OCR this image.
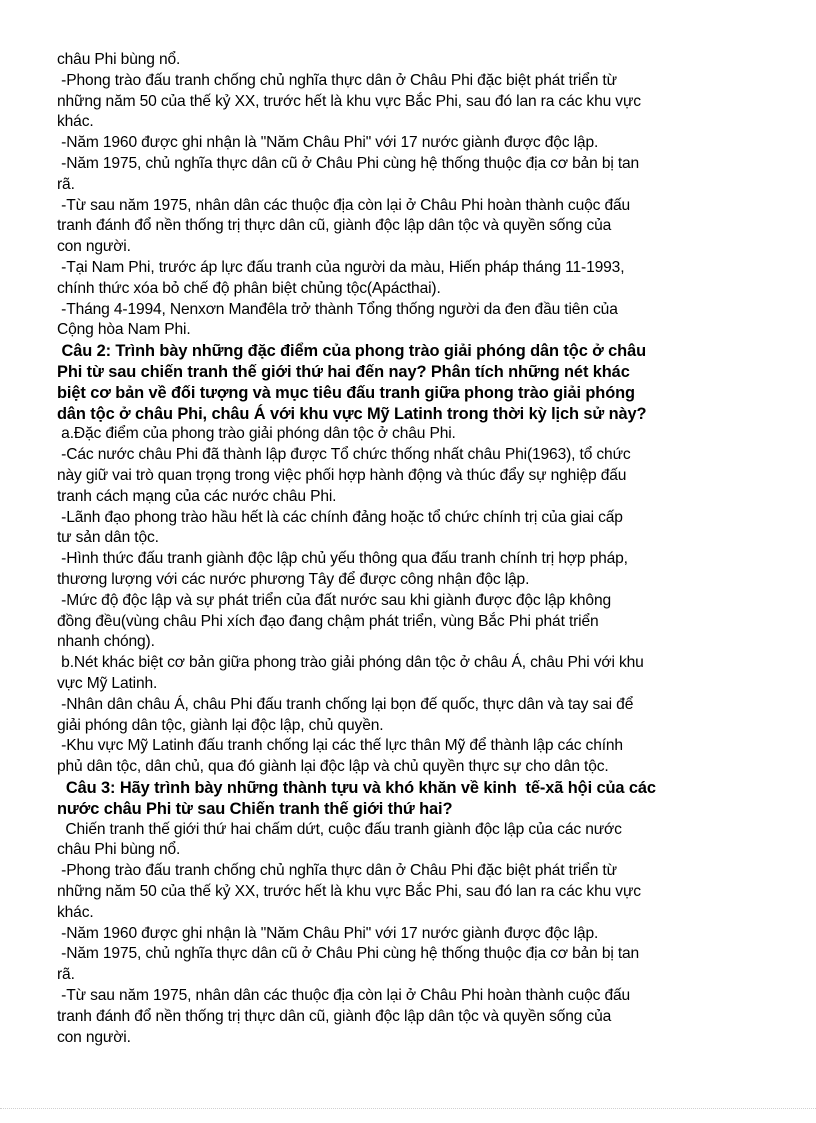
châu Phi bùng nổ.
-Phong trào đấu tranh chống chủ nghĩa thực dân ở Châu Phi đặc biệt phát triển từ
những năm 50 của thế kỷ XX, trước hết là khu vực Bắc Phi, sau đó lan ra các khu vực
khác.
-Năm 1960 được ghi nhận là "Năm Châu Phi" với 17 nước giành được độc lập.
-Năm 1975, chủ nghĩa thực dân cũ ở Châu Phi cùng hệ thống thuộc địa cơ bản bị tan
rã.
-Từ sau năm 1975, nhân dân các thuộc địa còn lại ở Châu Phi hoàn thành cuộc đấu
tranh đánh đổ nền thống trị thực dân cũ, giành độc lập dân tộc và quyền sống của
con người.
-Tại Nam Phi, trước áp lực đấu tranh của người da màu, Hiến pháp tháng 11-1993,
chính thức xóa bỏ chế độ phân biệt chủng tộc(Apácthai).
-Tháng 4-1994, Nenxơn Manđêla trở thành Tổng thống người da đen đầu tiên của
Cộng hòa Nam Phi.
Câu 2: Trình bày những đặc điểm của phong trào giải phóng dân tộc ở châu
Phi từ sau chiến tranh thế giới thứ hai đến nay? Phân tích những nét khác
biệt cơ bản về đối tượng và mục tiêu đấu tranh giữa phong trào giải phóng
dân tộc ở châu Phi, châu Á với khu vực Mỹ Latinh trong thời kỳ lịch sử này?
a.Đặc điểm của phong trào giải phóng dân tộc ở châu Phi.
-Các nước châu Phi đã thành lập được Tổ chức thống nhất châu Phi(1963), tổ chức
này giữ vai trò quan trọng trong việc phối hợp hành động và thúc đẩy sự nghiệp đấu
tranh cách mạng của các nước châu Phi.
-Lãnh đạo phong trào hầu hết là các chính đảng hoặc tổ chức chính trị của giai cấp
tư sản dân tộc.
-Hình thức đấu tranh giành độc lập chủ yếu thông qua đấu tranh chính trị hợp pháp,
thương lượng với các nước phương Tây để được công nhận độc lập.
-Mức độ độc lập và sự phát triển của đất nước sau khi giành được độc lập không
đồng đều(vùng châu Phi xích đạo đang chậm phát triển, vùng Bắc Phi phát triển
nhanh chóng).
b.Nét khác biệt cơ bản giữa phong trào giải phóng dân tộc ở châu Á, châu Phi với khu
vực Mỹ Latinh.
-Nhân dân châu Á, châu Phi đấu tranh chống lại bọn đế quốc, thực dân và tay sai để
giải phóng dân tộc, giành lại độc lập, chủ quyền.
-Khu vực Mỹ Latinh đấu tranh chống lại các thế lực thân Mỹ để thành lập các chính
phủ dân tộc, dân chủ, qua đó giành lại độc lập và chủ quyền thực sự cho dân tộc.
Câu 3: Hãy trình bày những thành tựu và khó khăn về kinh  tế-xã hội của các
nước châu Phi từ sau Chiến tranh thế giới thứ hai?
Chiến tranh thế giới thứ hai chấm dứt, cuộc đấu tranh giành độc lập của các nước
châu Phi bùng nổ.
-Phong trào đấu tranh chống chủ nghĩa thực dân ở Châu Phi đặc biệt phát triển từ
những năm 50 của thế kỷ XX, trước hết là khu vực Bắc Phi, sau đó lan ra các khu vực
khác.
-Năm 1960 được ghi nhận là "Năm Châu Phi" với 17 nước giành được độc lập.
-Năm 1975, chủ nghĩa thực dân cũ ở Châu Phi cùng hệ thống thuộc địa cơ bản bị tan
rã.
-Từ sau năm 1975, nhân dân các thuộc địa còn lại ở Châu Phi hoàn thành cuộc đấu
tranh đánh đổ nền thống trị thực dân cũ, giành độc lập dân tộc và quyền sống của
con người.
